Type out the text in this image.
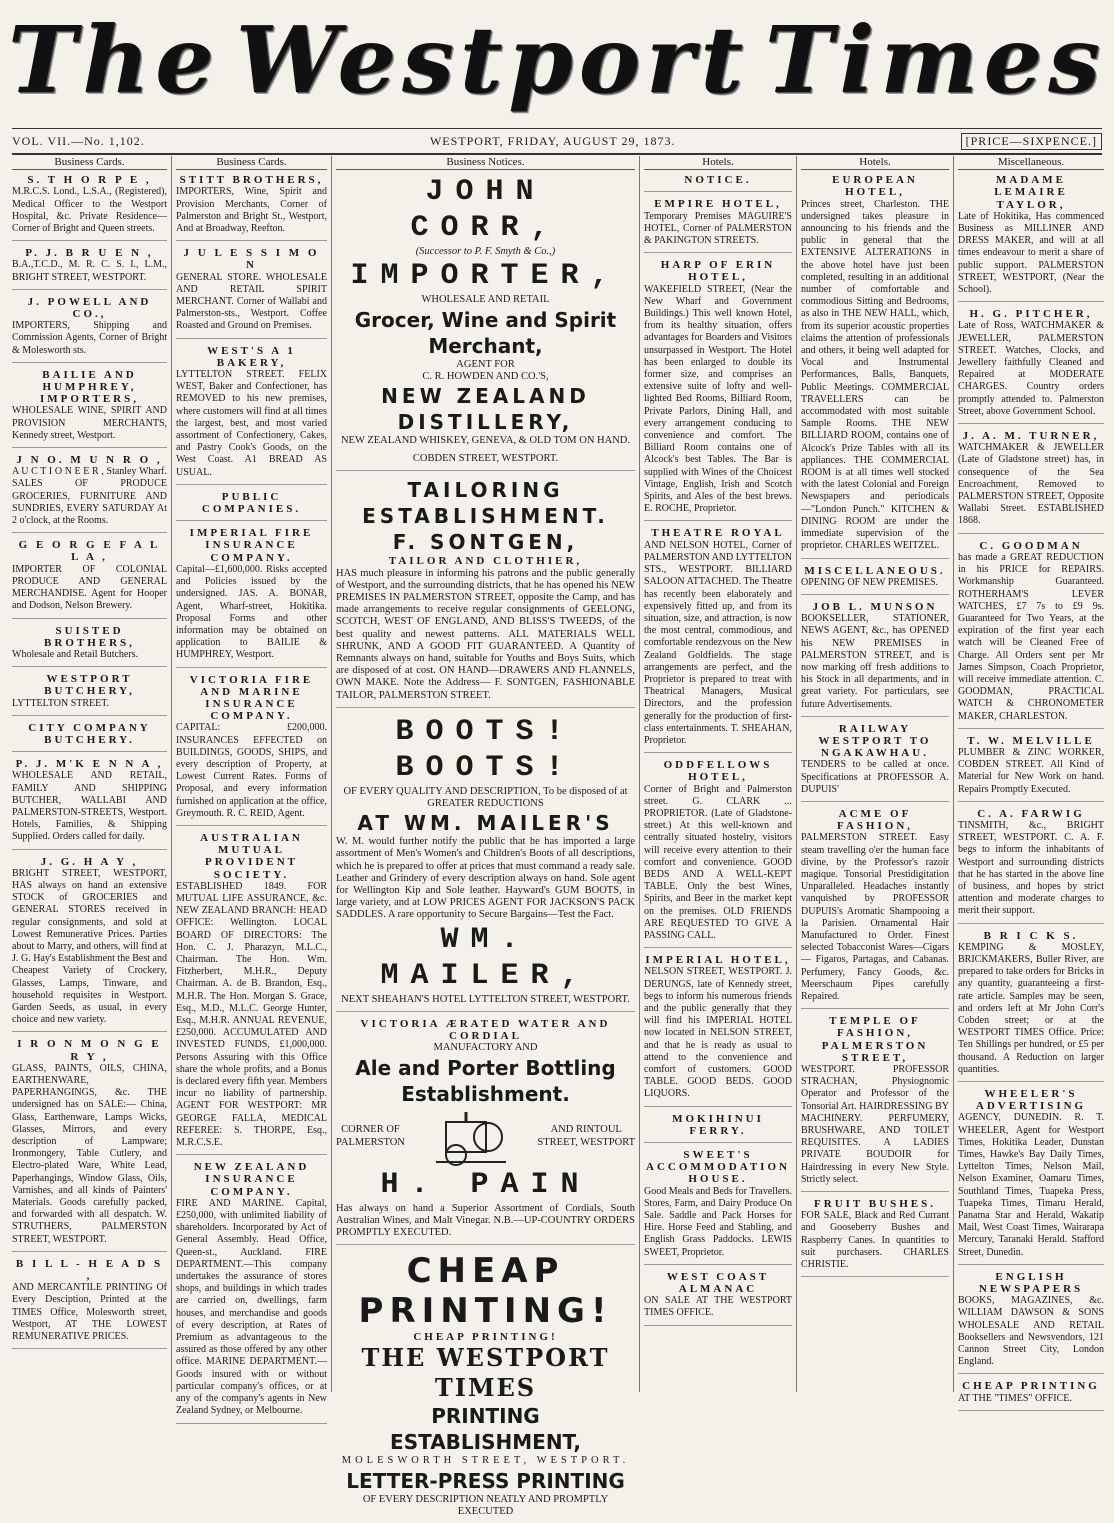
The Westport Times
VOL. VII.—No. 1,102.	WESTPORT, FRIDAY, AUGUST 29, 1873.	[PRICE—SIXPENCE.]
Business Cards.
S. T H O R P E ,
M.R.C.S. Lond., L.S.A., (Registered), Medical Officer to the Westport Hospital, &c. Private Residence—Corner of Bright and Queen streets.
P. J. B R U E N ,
B.A.,T.C.D., M. R. C. S. I., L.M., BRIGHT STREET, WESTPORT.
J. POWELL AND CO.,
IMPORTERS, Shipping and Commission Agents, Corner of Bright & Molesworth sts.
BAILIE AND HUMPHREY, IMPORTERS,
WHOLESALE WINE, SPIRIT AND PROVISION MERCHANTS, Kennedy street, Westport.
J N O. M U N R O ,
A U C T I O N E E R , Stanley Wharf. SALES OF PRODUCE GROCERIES, FURNITURE AND SUNDRIES, EVERY SATURDAY At 2 o'clock, at the Rooms.
G E O R G E F A L L A ,
IMPORTER OF COLONIAL PRODUCE AND GENERAL MERCHANDISE. Agent for Hooper and Dodson, Nelson Brewery.
SUISTED BROTHERS,
Wholesale and Retail Butchers.
WESTPORT BUTCHERY,
LYTTELTON STREET.
CITY COMPANY BUTCHERY.
P. J. M'K E N N A ,
WHOLESALE AND RETAIL, FAMILY AND SHIPPING BUTCHER, WALLABI AND PALMERSTON-STREETS, Westport. Hotels, Families, & Shipping Supplied. Orders called for daily.
J. G. H A Y ,
BRIGHT STREET, WESTPORT, HAS always on hand an extensive STOCK of GROCERIES and GENERAL STORES received in regular consignments, and sold at Lowest Remunerative Prices. Parties about to Marry, and others, will find at J. G. Hay's Establishment the Best and Cheapest Variety of Crockery, Glasses, Lamps, Tinware, and household requisites in Westport. Garden Seeds, as usual, in every choice and new variety.
I R O N M O N G E R Y ,
GLASS, PAINTS, OILS, CHINA, EARTHENWARE, PAPERHANGINGS, &c. THE undersigned has on SALE:— China, Glass, Earthenware, Lamps Wicks, Glasses, Mirrors, and every description of Lampware; Ironmongery, Table Cutlery, and Electro-plated Ware, White Lead, Paperhangings, Window Glass, Oils, Varnishes, and all kinds of Painters' Materials. Goods carefully packed, and forwarded with all despatch. W. STRUTHERS, PALMERSTON STREET, WESTPORT.
B I L L - H E A D S ,
AND MERCANTILE PRINTING Of Every Desciption, Printed at the TIMES Office, Molesworth street, Westport, AT THE LOWEST REMUNERATIVE PRICES.
Business Cards.
STITT BROTHERS,
IMPORTERS, Wine, Spirit and Provision Merchants, Corner of Palmerston and Bright St., Westport, And at Broadway, Reefton.
J U L E S S I M O N
GENERAL STORE. WHOLESALE AND RETAIL SPIRIT MERCHANT. Corner of Wallabi and Palmerston-sts., Westport. Coffee Roasted and Ground on Premises.
WEST'S A 1 BAKERY,
LYTTELTON STREET. FELIX WEST, Baker and Confectioner, has REMOVED to his new premises, where customers will find at all times the largest, best, and most varied assortment of Confectionery, Cakes, and Pastry Cook's Goods, on the West Coast. A1 BREAD AS USUAL.
PUBLIC COMPANIES.
IMPERIAL FIRE INSURANCE COMPANY.
Capital—£1,600,000. Risks accepted and Policies issued by the undersigned. JAS. A. BONAR, Agent, Wharf-street, Hokitika. Proposal Forms and other information may be obtained on application to BAILIE & HUMPHREY, Westport.
VICTORIA FIRE AND MARINE INSURANCE COMPANY.
CAPITAL: £200,000. INSURANCES EFFECTED on BUILDINGS, GOODS, SHIPS, and every description of Property, at Lowest Current Rates. Forms of Proposal, and every information furnished on application at the office, Greymouth. R. C. REID, Agent.
AUSTRALIAN MUTUAL PROVIDENT SOCIETY.
ESTABLISHED 1849. FOR MUTUAL LIFE ASSURANCE, &c. NEW ZEALAND BRANCH: HEAD OFFICE: Wellington. LOCAL BOARD OF DIRECTORS: The Hon. C. J. Pharazyn, M.L.C., Chairman. The Hon. Wm. Fitzherbert, M.H.R., Deputy Chairman. A. de B. Brandon, Esq., M.H.R. The Hon. Morgan S. Grace, Esq., M.D., M.L.C. George Hunter, Esq., M.H.R. ANNUAL REVENUE, £250,000. ACCUMULATED AND INVESTED FUNDS, £1,000,000. Persons Assuring with this Office share the whole profits, and a Bonus is declared every fifth year. Members incur no liability of partnership. AGENT FOR WESTPORT: MR GEORGE FALLA, MEDICAL REFEREE: S. THORPE, Esq., M.R.C.S.E.
NEW ZEALAND INSURANCE COMPANY.
FIRE AND MARINE. Capital, £250,000, with unlimited liability of shareholders. Incorporated by Act of General Assembly. Head Office, Queen-st., Auckland. FIRE DEPARTMENT.—This company undertakes the assurance of stores shops, and buildings in which trades are carried on, dwellings, farm houses, and merchandise and goods of every description, at Rates of Premium as advantageous to the assured as those offered by any other office. MARINE DEPARTMENT.—Goods insured with or without particular company's offices, or at any of the company's agents in New Zealand Sydney, or Melbourne.
Business Notices.
JOHN CORR,
(Successor to P. F. Smyth & Co.,)
IMPORTER,
WHOLESALE AND RETAIL
Grocer, Wine and Spirit Merchant,
AGENT FOR
C. R. HOWDEN AND CO.'S,
NEW ZEALAND DISTILLERY,
NEW ZEALAND WHISKEY, GENEVA, & OLD TOM ON HAND.
COBDEN STREET, WESTPORT.
TAILORING ESTABLISHMENT.
F. SONTGEN,
TAILOR AND CLOTHIER,
HAS much pleasure in informing his patrons and the public generally of Westport, and the surrounding districts, that he has opened his NEW PREMISES IN PALMERSTON STREET, opposite the Camp, and has made arrangements to receive regular consignments of GEELONG, SCOTCH, WEST OF ENGLAND, AND BLISS'S TWEEDS, of the best quality and newest patterns. ALL MATERIALS WELL SHRUNK, AND A GOOD FIT GUARANTEED. A Quantity of Remnants always on hand, suitable for Youths and Boys Suits, which are disposed of at cost. ON HAND—DRAWERS AND FLANNELS, OWN MAKE. Note the Address— F. SONTGEN, FASHIONABLE TAILOR, PALMERSTON STREET.
BOOTS! BOOTS!
OF EVERY QUALITY AND DESCRIPTION, To be disposed of at GREATER REDUCTIONS
AT WM. MAILER'S
W. M. would further notify the public that he has imported a large assortment of Men's Women's and Children's Boots of all descriptions, which he is prepared to offer at prices that must command a ready sale. Leather and Grindery of every description always on hand. Sole agent for Wellington Kip and Sole leather. Hayward's GUM BOOTS, in large variety, and at LOW PRICES AGENT FOR JACKSON'S PACK SADDLES. A rare opportunity to Secure Bargains—Test the Fact.
WM. MAILER,
NEXT SHEAHAN'S HOTEL LYTTELTON STREET, WESTPORT.
VICTORIA ÆRATED WATER AND CORDIAL
MANUFACTORY AND
Ale and Porter Bottling Establishment.
CORNER OF
PALMERSTON
AND RINTOUL
STREET, WESTPORT
H. PAIN
Has always on hand a Superior Assortment of Cordials, South Australian Wines, and Malt Vinegar. N.B.—UP-COUNTRY ORDERS PROMPTLY EXECUTED.
CHEAP PRINTING!
CHEAP PRINTING!
THE WESTPORT TIMES
PRINTING ESTABLISHMENT,
MOLESWORTH STREET, WESTPORT.
LETTER-PRESS PRINTING
OF EVERY DESCRIPTION NEATLY AND PROMPTLY EXECUTED
Hotels.
NOTICE.
EMPIRE HOTEL,
Temporary Premises MAGUIRE'S HOTEL, Corner of PALMERSTON & PAKINGTON STREETS.
HARP OF ERIN HOTEL,
WAKEFIELD STREET, (Near the New Wharf and Government Buildings.) This well known Hotel, from its healthy situation, offers advantages for Boarders and Visitors unsurpassed in Westport. The Hotel has been enlarged to double its former size, and comprises an extensive suite of lofty and well-lighted Bed Rooms, Billiard Room, Private Parlors, Dining Hall, and every arrangement conducing to convenience and comfort. The Billiard Room contains one of Alcock's best Tables. The Bar is supplied with Wines of the Choicest Vintage, English, Irish and Scotch Spirits, and Ales of the best brews. E. ROCHE, Proprietor.
THEATRE ROYAL
AND NELSON HOTEL, Corner of PALMERSTON AND LYTTELTON STS., WESTPORT. BILLIARD SALOON ATTACHED. The Theatre has recently been elaborately and expensively fitted up, and from its situation, size, and attraction, is now the most central, commodious, and comfortable rendezvous on the New Zealand Goldfields. The stage arrangements are perfect, and the Proprietor is prepared to treat with Theatrical Managers, Musical Directors, and the profession generally for the production of first-class entertainments. T. SHEAHAN, Proprietor.
ODDFELLOWS HOTEL,
Corner of Bright and Palmerston street. G. CLARK ... PROPRIETOR. (Late of Gladstone-street.) At this well-known and centrally situated hostelry, visitors will receive every attention to their comfort and convenience. GOOD BEDS AND A WELL-KEPT TABLE. Only the best Wines, Spirits, and Beer in the market kept on the premises. OLD FRIENDS ARE REQUESTED TO GIVE A PASSING CALL.
IMPERIAL HOTEL,
NELSON STREET, WESTPORT. J. DERUNGS, late of Kennedy street, begs to inform his numerous friends and the public generally that they will find his IMPERIAL HOTEL now located in NELSON STREET, and that he is ready as usual to attend to the convenience and comfort of customers. GOOD TABLE. GOOD BEDS. GOOD LIQUORS.
MOKIHINUI FERRY.
SWEET'S ACCOMMODATION HOUSE.
Good Meals and Beds for Travellers. Stores, Farm, and Dairy Produce On Sale. Saddle and Pack Horses for Hire. Horse Feed and Stabling, and English Grass Paddocks. LEWIS SWEET, Proprietor.
WEST COAST ALMANAC
ON SALE AT THE WESTPORT TIMES OFFICE.
Hotels.
EUROPEAN HOTEL,
Princes street, Charleston. THE undersigned takes pleasure in announcing to his friends and the public in general that the EXTENSIVE ALTERATIONS in the above hotel have just been completed, resulting in an additional number of comfortable and commodious Sitting and Bedrooms, as also in THE NEW HALL, which, from its superior acoustic properties claims the attention of professionals and others, it being well adapted for Vocal and Instrumental Performances, Balls, Banquets, Public Meetings. COMMERCIAL TRAVELLERS can be accommodated with most suitable Sample Rooms. THE NEW BILLIARD ROOM, contains one of Alcock's Prize Tables with all its appliances. THE COMMERCIAL ROOM is at all times well stocked with the latest Colonial and Foreign Newspapers and periodicals—"London Punch." KITCHEN & DINING ROOM are under the immediate supervision of the proprietor. CHARLES WEITZEL.
MISCELLANEOUS.
OPENING OF NEW PREMISES.
JOB L. MUNSON
BOOKSELLER, STATIONER, NEWS AGENT, &c., has OPENED his NEW PREMISES in PALMERSTON STREET, and is now marking off fresh additions to his Stock in all departments, and in great variety. For particulars, see future Advertisements.
RAILWAY WESTPORT TO NGAKAWHAU.
TENDERS to be called at once. Specifications at PROFESSOR A. DUPUIS'
ACME OF FASHION,
PALMERSTON STREET. Easy steam travelling o'er the human face divine, by the Professor's razoir magique. Tonsorial Prestidigitation Unparalleled. Headaches instantly vanquished by PROFESSOR DUPUIS's Aromatic Shampooing a la Parisien. Ornamental Hair Manufactured to Order. Finest selected Tobacconist Wares—Cigars — Figaros, Partagas, and Cabanas. Perfumery, Fancy Goods, &c. Meerschaum Pipes carefully Repaired.
TEMPLE OF FASHION, PALMERSTON STREET,
WESTPORT. PROFESSOR STRACHAN, Physiognomic Operator and Professor of the Tonsorial Art. HAIRDRESSING BY MACHINERY. PERFUMERY, BRUSHWARE, AND TOILET REQUISITES. A LADIES PRIVATE BOUDOIR for Hairdressing in every New Style. Strictly select.
FRUIT BUSHES.
FOR SALE, Black and Red Currant and Gooseberry Bushes and Raspberry Canes. In quantities to suit purchasers. CHARLES CHRISTIE.
Miscellaneous.
MADAME LEMAIRE TAYLOR,
Late of Hokitika, Has commenced Business as MILLINER AND DRESS MAKER, and will at all times endeavour to merit a share of public support. PALMERSTON STREET, WESTPORT, (Near the School).
H. G. PITCHER,
Late of Ross, WATCHMAKER & JEWELLER, PALMERSTON STREET. Watches, Clocks, and Jewellery faithfully Cleaned and Repaired at MODERATE CHARGES. Country orders promptly attended to. Palmerston Street, above Government School.
J. A. M. TURNER,
WATCHMAKER & JEWELLER (Late of Gladstone street) has, in consequence of the Sea Encroachment, Removed to PALMERSTON STREET, Opposite Wallabi Street. ESTABLISHED 1868.
C. GOODMAN
has made a GREAT REDUCTION in his PRICE for REPAIRS. Workmanship Guaranteed. ROTHERHAM'S LEVER WATCHES, £7 7s to £9 9s. Guaranteed for Two Years, at the expiration of the first year each watch will be Cleaned Free of Charge. All Orders sent per Mr James Simpson, Coach Proprietor, will receive immediate attention. C. GOODMAN, PRACTICAL WATCH & CHRONOMETER MAKER, CHARLESTON.
T. W. MELVILLE
PLUMBER & ZINC WORKER, COBDEN STREET. All Kind of Material for New Work on hand. Repairs Promptly Executed.
C. A. FARWIG
TINSMITH, &c., BRIGHT STREET, WESTPORT. C. A. F. begs to inform the inhabitants of Westport and surrounding districts that he has started in the above line of business, and hopes by strict attention and moderate charges to merit their support.
B R I C K S.
KEMPING & MOSLEY, BRICKMAKERS, Buller River, are prepared to take orders for Bricks in any quantity, guaranteeing a first-rate article. Samples may be seen, and orders left at Mr John Corr's Cobden street; or at the WESTPORT TIMES Office. Price: Ten Shillings per hundred, or £5 per thousand. A Reduction on larger quantities.
WHEELER'S ADVERTISING
AGENCY, DUNEDIN. R. T. WHEELER, Agent for Westport Times, Hokitika Leader, Dunstan Times, Hawke's Bay Daily Times, Lyttelton Times, Nelson Mail, Nelson Examiner, Oamaru Times, Southland Times, Tuapeka Press, Tuapeka Times, Timaru Herald, Panama Star and Herald, Wakatip Mail, West Coast Times, Wairarapa Mercury, Taranaki Herald. Stafford Street, Dunedin.
ENGLISH NEWSPAPERS
BOOKS, MAGAZINES, &c. WILLIAM DAWSON & SONS WHOLESALE AND RETAIL Booksellers and Newsvendors, 121 Cannon Street City, London England.
CHEAP PRINTING
AT THE "TIMES" OFFICE.
